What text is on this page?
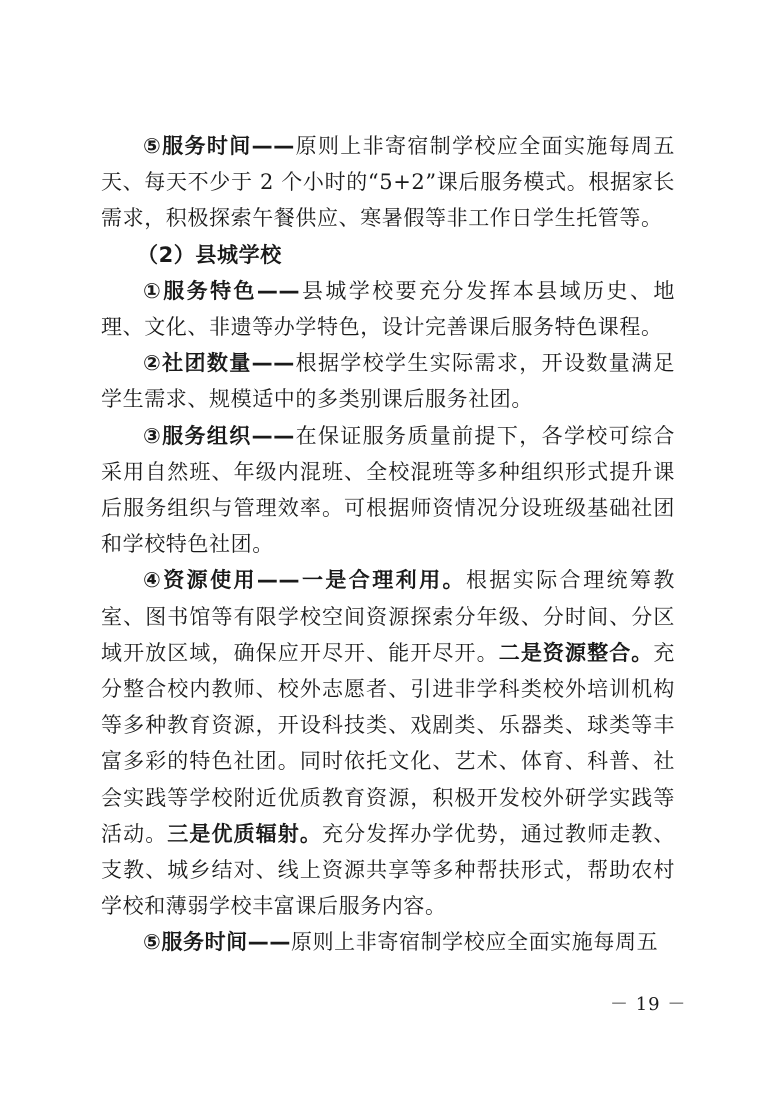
⑤服务时间——原则上非寄宿制学校应全面实施每周五天、每天不少于 2 个小时的“5+2”课后服务模式。根据家长需求，积极探索午餐供应、寒暑假等非工作日学生托管等。

（2）县城学校

①服务特色——县城学校要充分发挥本县域历史、地理、文化、非遗等办学特色，设计完善课后服务特色课程。

②社团数量——根据学校学生实际需求，开设数量满足学生需求、规模适中的多类别课后服务社团。

③服务组织——在保证服务质量前提下，各学校可综合采用自然班、年级内混班、全校混班等多种组织形式提升课后服务组织与管理效率。可根据师资情况分设班级基础社团和学校特色社团。

④资源使用——一是合理利用。根据实际合理统筹教室、图书馆等有限学校空间资源探索分年级、分时间、分区域开放区域，确保应开尽开、能开尽开。二是资源整合。充分整合校内教师、校外志愿者、引进非学科类校外培训机构等多种教育资源，开设科技类、戏剧类、乐器类、球类等丰富多彩的特色社团。同时依托文化、艺术、体育、科普、社会实践等学校附近优质教育资源，积极开发校外研学实践等活动。三是优质辐射。充分发挥办学优势，通过教师走教、支教、城乡结对、线上资源共享等多种帮扶形式，帮助农村学校和薄弱学校丰富课后服务内容。

⑤服务时间——原则上非寄宿制学校应全面实施每周五

－ 19 －
